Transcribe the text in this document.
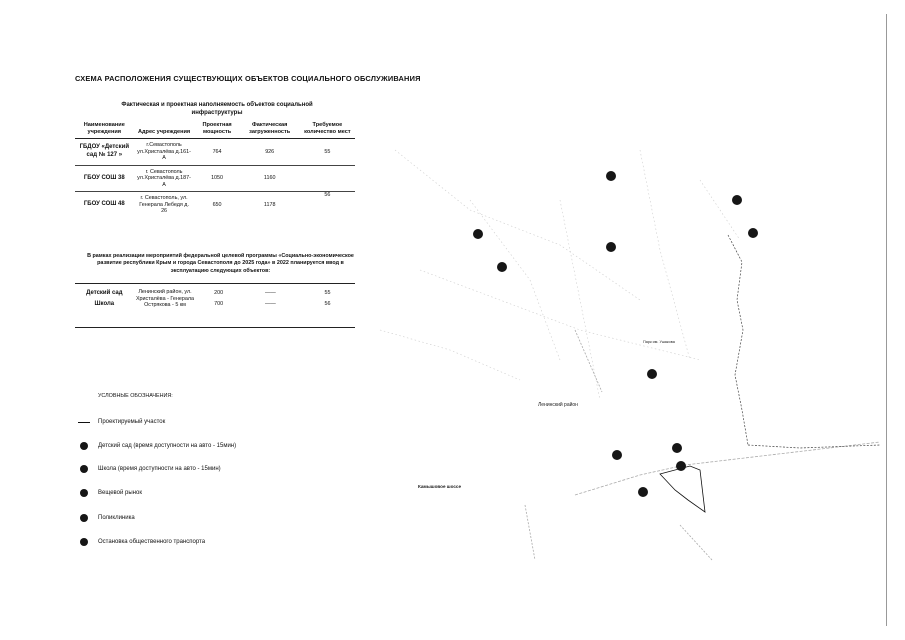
СХЕМА РАСПОЛОЖЕНИЯ СУЩЕСТВУЮЩИХ ОБЪЕКТОВ СОЦИАЛЬНОГО ОБСЛУЖИВАНИЯ
Фактическая и проектная наполняемость объектов социальной
инфраструктуры
Наименование учреждения	Адрес учреждения	Проектная мощность	Фактическая загруженность	Требуемое количество мест
ГБДОУ «Детский сад № 127 »	г.Севастополь ул.Христалёва д.161- А	764	926	55
ГБОУ СОШ 38	г. Севастополь ул.Христалёва д.187- А	1050	1160	
ГБОУ СОШ 48	г. Севастополь, ул. Генерала Лебедя д. 26	650	1178	56
В рамках реализации мероприятий федеральной целевой программы «Социально-экономическое развитие республики Крым и города Севастополя до 2025 года» в 2022 планируется ввод в эксплуатацию следующих объектов:
Детский сад	Ленинский район, ул. Христалёва - Генерала Острякова - 5 км	200	——	55
Школа		700	——	56
УСЛОВНЫЕ ОБОЗНАЧЕНИЯ:
Проектируемый участок
Детский сад (время доступности на авто - 15мин)
Школа (время доступности на авто - 15мин)
Вещевой рынок
Поликлиника
Остановка общественного транспорта
Ленинский район
Камышовое шоссе
Парк им. Ушакова
